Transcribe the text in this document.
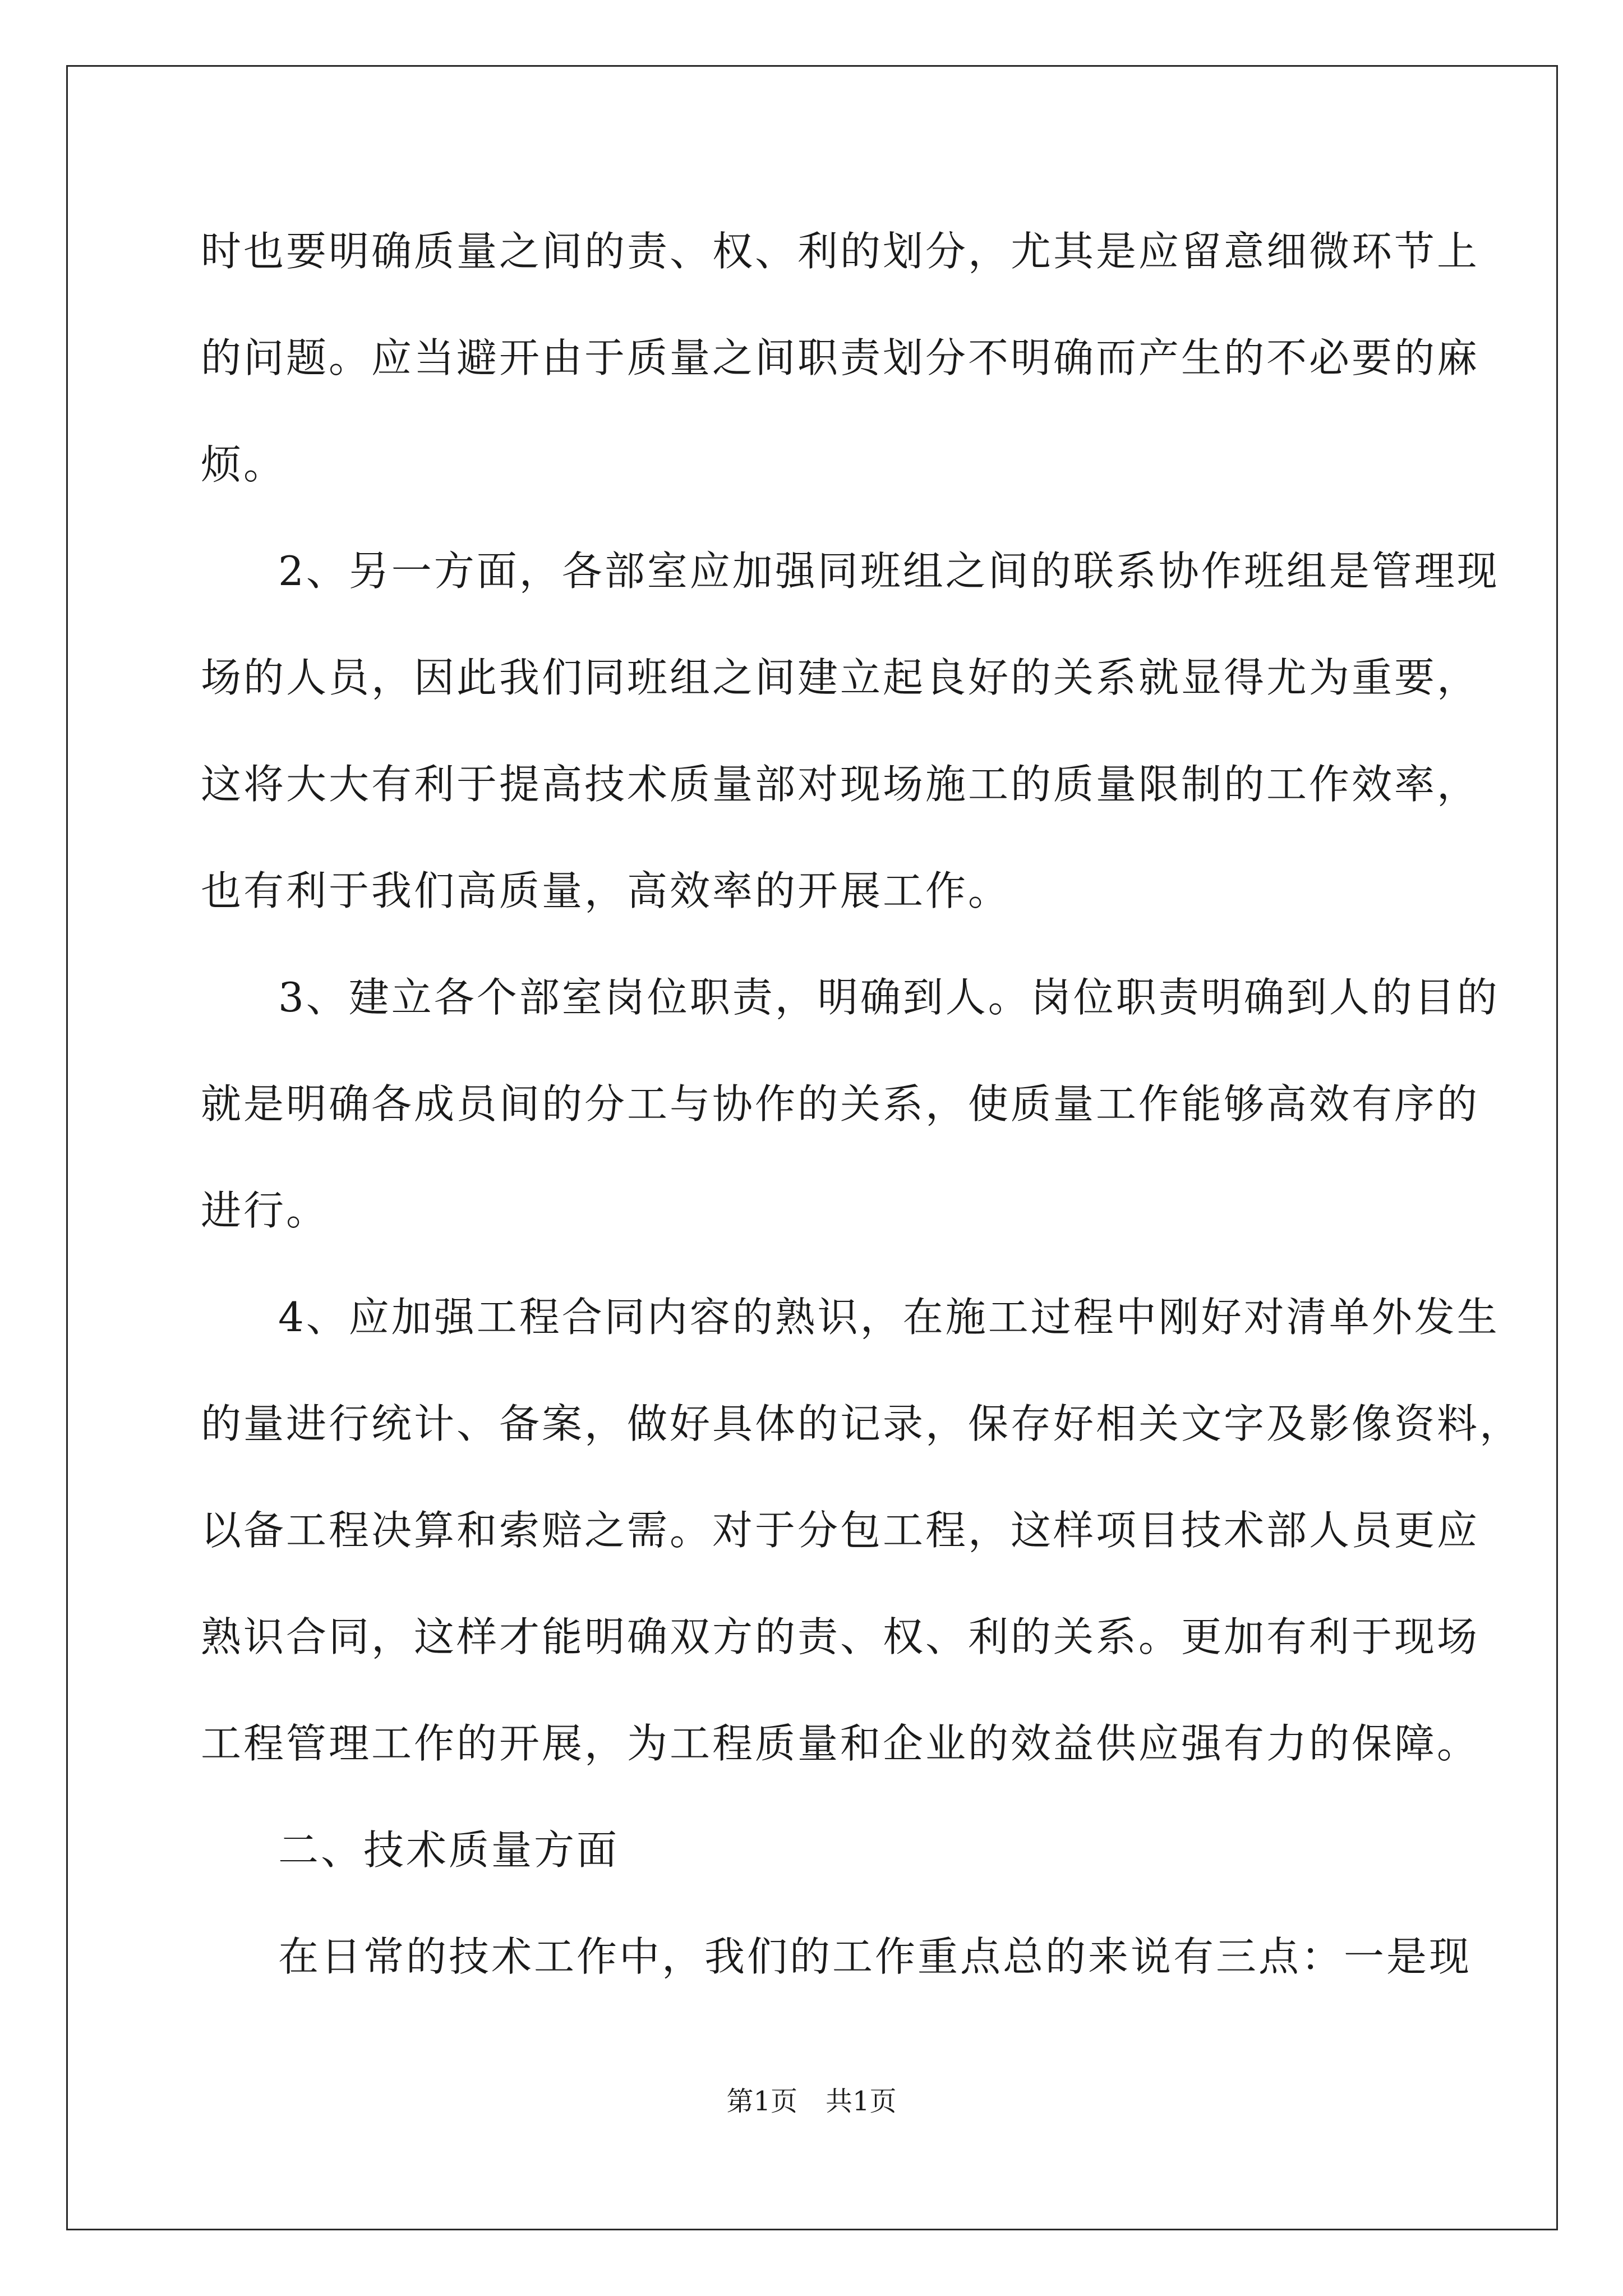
时也要明确质量之间的责、权、利的划分，尤其是应留意细微环节上
的问题。应当避开由于质量之间职责划分不明确而产生的不必要的麻
烦。
2、另一方面，各部室应加强同班组之间的联系协作班组是管理现
场的人员，因此我们同班组之间建立起良好的关系就显得尤为重要，
这将大大有利于提高技术质量部对现场施工的质量限制的工作效率，
也有利于我们高质量，高效率的开展工作。
3、建立各个部室岗位职责，明确到人。岗位职责明确到人的目的
就是明确各成员间的分工与协作的关系，使质量工作能够高效有序的
进行。
4、应加强工程合同内容的熟识，在施工过程中刚好对清单外发生
的量进行统计、备案，做好具体的记录，保存好相关文字及影像资料，
以备工程决算和索赔之需。对于分包工程，这样项目技术部人员更应
熟识合同，这样才能明确双方的责、权、利的关系。更加有利于现场
工程管理工作的开展，为工程质量和企业的效益供应强有力的保障。
二、技术质量方面
在日常的技术工作中，我们的工作重点总的来说有三点：一是现
第1页 共1页
